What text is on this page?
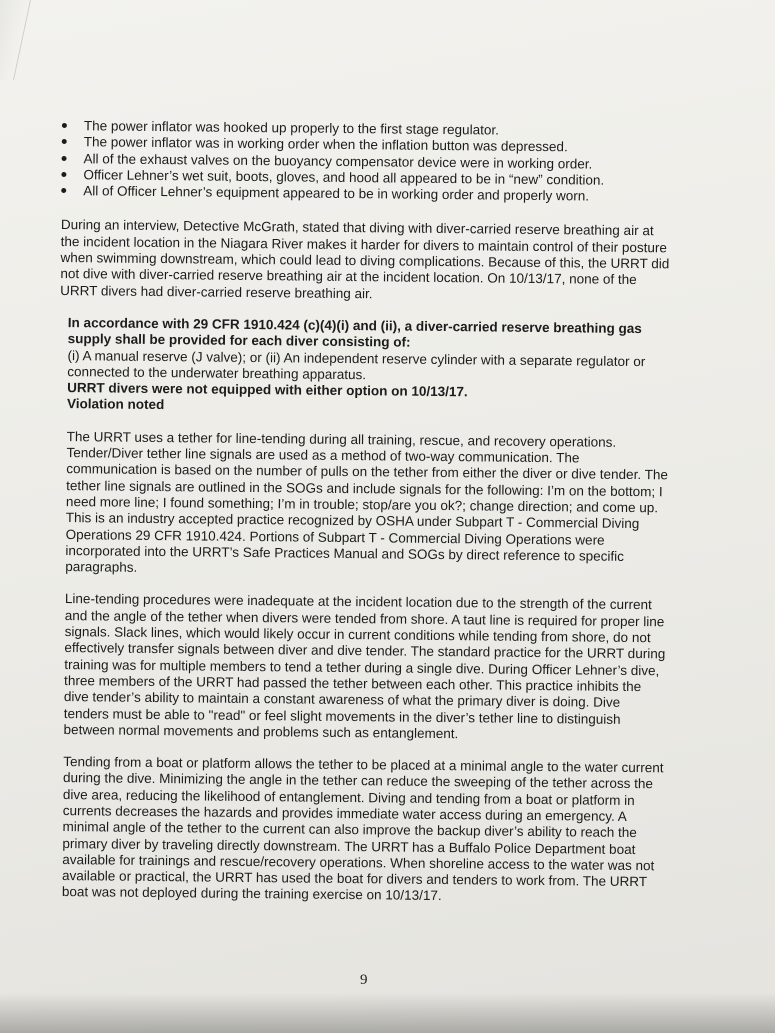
The power inflator was hooked up properly to the first stage regulator.
The power inflator was in working order when the inflation button was depressed.
All of the exhaust valves on the buoyancy compensator device were in working order.
Officer Lehner’s wet suit, boots, gloves, and hood all appeared to be in “new” condition.
All of Officer Lehner’s equipment appeared to be in working order and properly worn.

During an interview, Detective McGrath, stated that diving with diver-carried reserve breathing air at the incident location in the Niagara River makes it harder for divers to maintain control of their posture when swimming downstream, which could lead to diving complications. Because of this, the URRT did not dive with diver-carried reserve breathing air at the incident location. On 10/13/17, none of the URRT divers had diver-carried reserve breathing air.

In accordance with 29 CFR 1910.424 (c)(4)(i) and (ii), a diver-carried reserve breathing gas supply shall be provided for each diver consisting of:
(i) A manual reserve (J valve); or (ii) An independent reserve cylinder with a separate regulator or connected to the underwater breathing apparatus.
URRT divers were not equipped with either option on 10/13/17.
Violation noted

The URRT uses a tether for line-tending during all training, rescue, and recovery operations. Tender/Diver tether line signals are used as a method of two-way communication. The communication is based on the number of pulls on the tether from either the diver or dive tender. The tether line signals are outlined in the SOGs and include signals for the following: I’m on the bottom; I need more line; I found something; I’m in trouble; stop/are you ok?; change direction; and come up. This is an industry accepted practice recognized by OSHA under Subpart T - Commercial Diving Operations 29 CFR 1910.424. Portions of Subpart T - Commercial Diving Operations were incorporated into the URRT’s Safe Practices Manual and SOGs by direct reference to specific paragraphs.

Line-tending procedures were inadequate at the incident location due to the strength of the current and the angle of the tether when divers were tended from shore. A taut line is required for proper line signals. Slack lines, which would likely occur in current conditions while tending from shore, do not effectively transfer signals between diver and dive tender. The standard practice for the URRT during training was for multiple members to tend a tether during a single dive. During Officer Lehner’s dive, three members of the URRT had passed the tether between each other. This practice inhibits the dive tender’s ability to maintain a constant awareness of what the primary diver is doing. Dive tenders must be able to "read" or feel slight movements in the diver’s tether line to distinguish between normal movements and problems such as entanglement.

Tending from a boat or platform allows the tether to be placed at a minimal angle to the water current during the dive. Minimizing the angle in the tether can reduce the sweeping of the tether across the dive area, reducing the likelihood of entanglement. Diving and tending from a boat or platform in currents decreases the hazards and provides immediate water access during an emergency. A minimal angle of the tether to the current can also improve the backup diver’s ability to reach the primary diver by traveling directly downstream. The URRT has a Buffalo Police Department boat available for trainings and rescue/recovery operations. When shoreline access to the water was not available or practical, the URRT has used the boat for divers and tenders to work from. The URRT boat was not deployed during the training exercise on 10/13/17.

9
